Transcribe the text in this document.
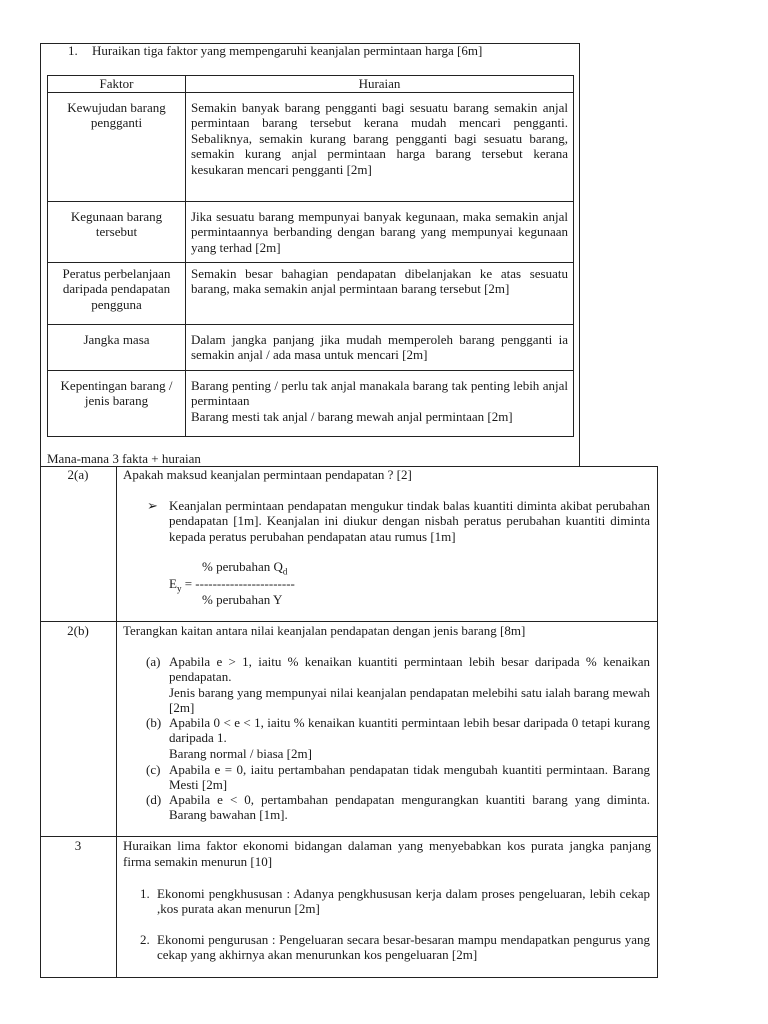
1. Huraikan tiga faktor yang mempengaruhi keanjalan permintaan harga [6m]
Faktor	Huraian
Kewujudan barang pengganti	Semakin banyak barang pengganti bagi sesuatu barang semakin anjal permintaan barang tersebut kerana mudah mencari pengganti. Sebaliknya, semakin kurang barang pengganti bagi sesuatu barang, semakin kurang anjal permintaan harga barang tersebut kerana kesukaran mencari pengganti [2m]
Kegunaan barang tersebut	Jika sesuatu barang mempunyai banyak kegunaan, maka semakin anjal permintaannya berbanding dengan barang yang mempunyai kegunaan yang terhad [2m]
Peratus perbelanjaan daripada pendapatan pengguna	Semakin besar bahagian pendapatan dibelanjakan ke atas sesuatu barang, maka semakin anjal permintaan barang tersebut [2m]
Jangka masa	Dalam jangka panjang jika mudah memperoleh barang pengganti ia semakin anjal / ada masa untuk mencari [2m]
Kepentingan barang / jenis barang	Barang penting / perlu tak anjal manakala barang tak penting lebih anjal permintaan
Barang mesti tak anjal / barang mewah anjal permintaan [2m]
Mana-mana 3 fakta + huraian
2(a)	Apakah maksud keanjalan permintaan pendapatan ? [2]
➢ Keanjalan permintaan pendapatan mengukur tindak balas kuantiti diminta akibat perubahan pendapatan [1m]. Keanjalan ini diukur dengan nisbah peratus perubahan kuantiti diminta kepada peratus perubahan pendapatan atau rumus [1m]
% perubahan $Q_d$
$E_y$ = -----------------------
% perubahan Y
2(b)	Terangkan kaitan antara nilai keanjalan pendapatan dengan jenis barang [8m]
(a) Apabila e > 1, iaitu % kenaikan kuantiti permintaan lebih besar daripada % kenaikan pendapatan.
Jenis barang yang mempunyai nilai keanjalan pendapatan melebihi satu ialah barang mewah [2m]
(b) Apabila 0 < e < 1, iaitu % kenaikan kuantiti permintaan lebih besar daripada 0 tetapi kurang daripada 1.
Barang normal / biasa [2m]
(c) Apabila e = 0, iaitu pertambahan pendapatan tidak mengubah kuantiti permintaan. Barang Mesti [2m]
(d) Apabila e < 0, pertambahan pendapatan mengurangkan kuantiti barang yang diminta. Barang bawahan [1m].
3	Huraikan lima faktor ekonomi bidangan dalaman yang menyebabkan kos purata jangka panjang firma semakin menurun [10]
1. Ekonomi pengkhususan : Adanya pengkhususan kerja dalam proses pengeluaran, lebih cekap ,kos purata akan menurun [2m]
2. Ekonomi pengurusan : Pengeluaran secara besar-besaran mampu mendapatkan pengurus yang cekap yang akhirnya akan menurunkan kos pengeluaran [2m]
